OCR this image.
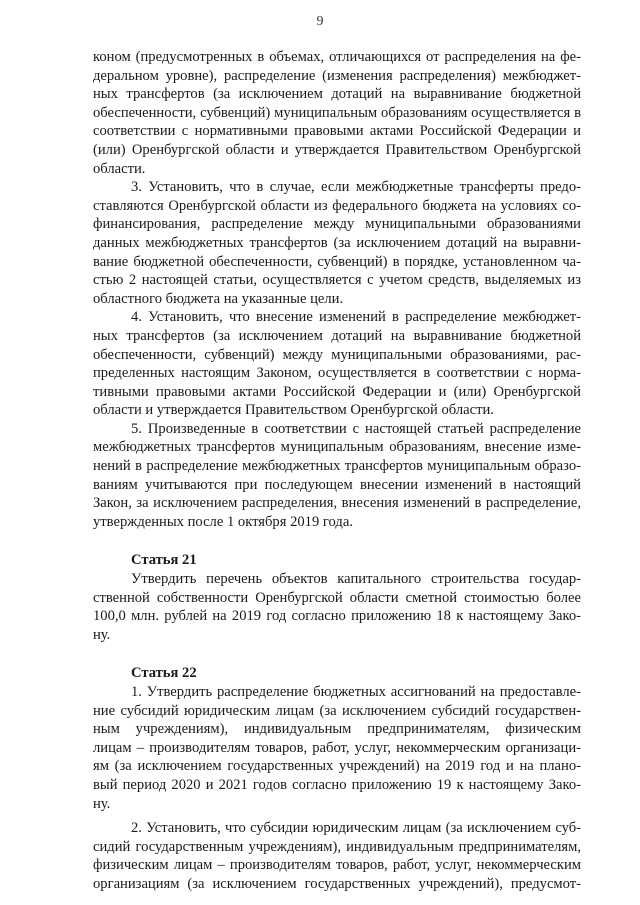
9
коном (предусмотренных в объемах, отличающихся от распределения на фе-
деральном уровне), распределение (изменения распределения) межбюджет-
ных трансфертов (за исключением дотаций на выравнивание бюджетной
обеспеченности, субвенций) муниципальным образованиям осуществляется в
соответствии с нормативными правовыми актами Российской Федерации и
(или) Оренбургской области и утверждается Правительством Оренбургской
области.
3. Установить, что в случае, если межбюджетные трансферты предо-
ставляются Оренбургской области из федерального бюджета на условиях со-
финансирования, распределение между муниципальными образованиями
данных межбюджетных трансфертов (за исключением дотаций на выравни-
вание бюджетной обеспеченности, субвенций) в порядке, установленном ча-
стью 2 настоящей статьи, осуществляется с учетом средств, выделяемых из
областного бюджета на указанные цели.
4. Установить, что внесение изменений в распределение межбюджет-
ных трансфертов (за исключением дотаций на выравнивание бюджетной
обеспеченности, субвенций) между муниципальными образованиями, рас-
пределенных настоящим Законом, осуществляется в соответствии с норма-
тивными правовыми актами Российской Федерации и (или) Оренбургской
области и утверждается Правительством Оренбургской области.
5. Произведенные в соответствии с настоящей статьей распределение
межбюджетных трансфертов муниципальным образованиям, внесение изме-
нений в распределение межбюджетных трансфертов муниципальным образо-
ваниям учитываются при последующем внесении изменений в настоящий
Закон, за исключением распределения, внесения изменений в распределение,
утвержденных после 1 октября 2019 года.
Статья 21
Утвердить перечень объектов капитального строительства государ-
ственной собственности Оренбургской области сметной стоимостью более
100,0 млн. рублей на 2019 год согласно приложению 18 к настоящему Зако-
ну.
Статья 22
1. Утвердить распределение бюджетных ассигнований на предоставле-
ние субсидий юридическим лицам (за исключением субсидий государствен-
ным учреждениям), индивидуальным предпринимателям, физическим
лицам – производителям товаров, работ, услуг, некоммерческим организаци-
ям (за исключением государственных учреждений) на 2019 год и на плано-
вый период 2020 и 2021 годов согласно приложению 19 к настоящему Зако-
ну.
2. Установить, что субсидии юридическим лицам (за исключением суб-
сидий государственным учреждениям), индивидуальным предпринимателям,
физическим лицам – производителям товаров, работ, услуг, некоммерческим
организациям (за исключением государственных учреждений), предусмот-
